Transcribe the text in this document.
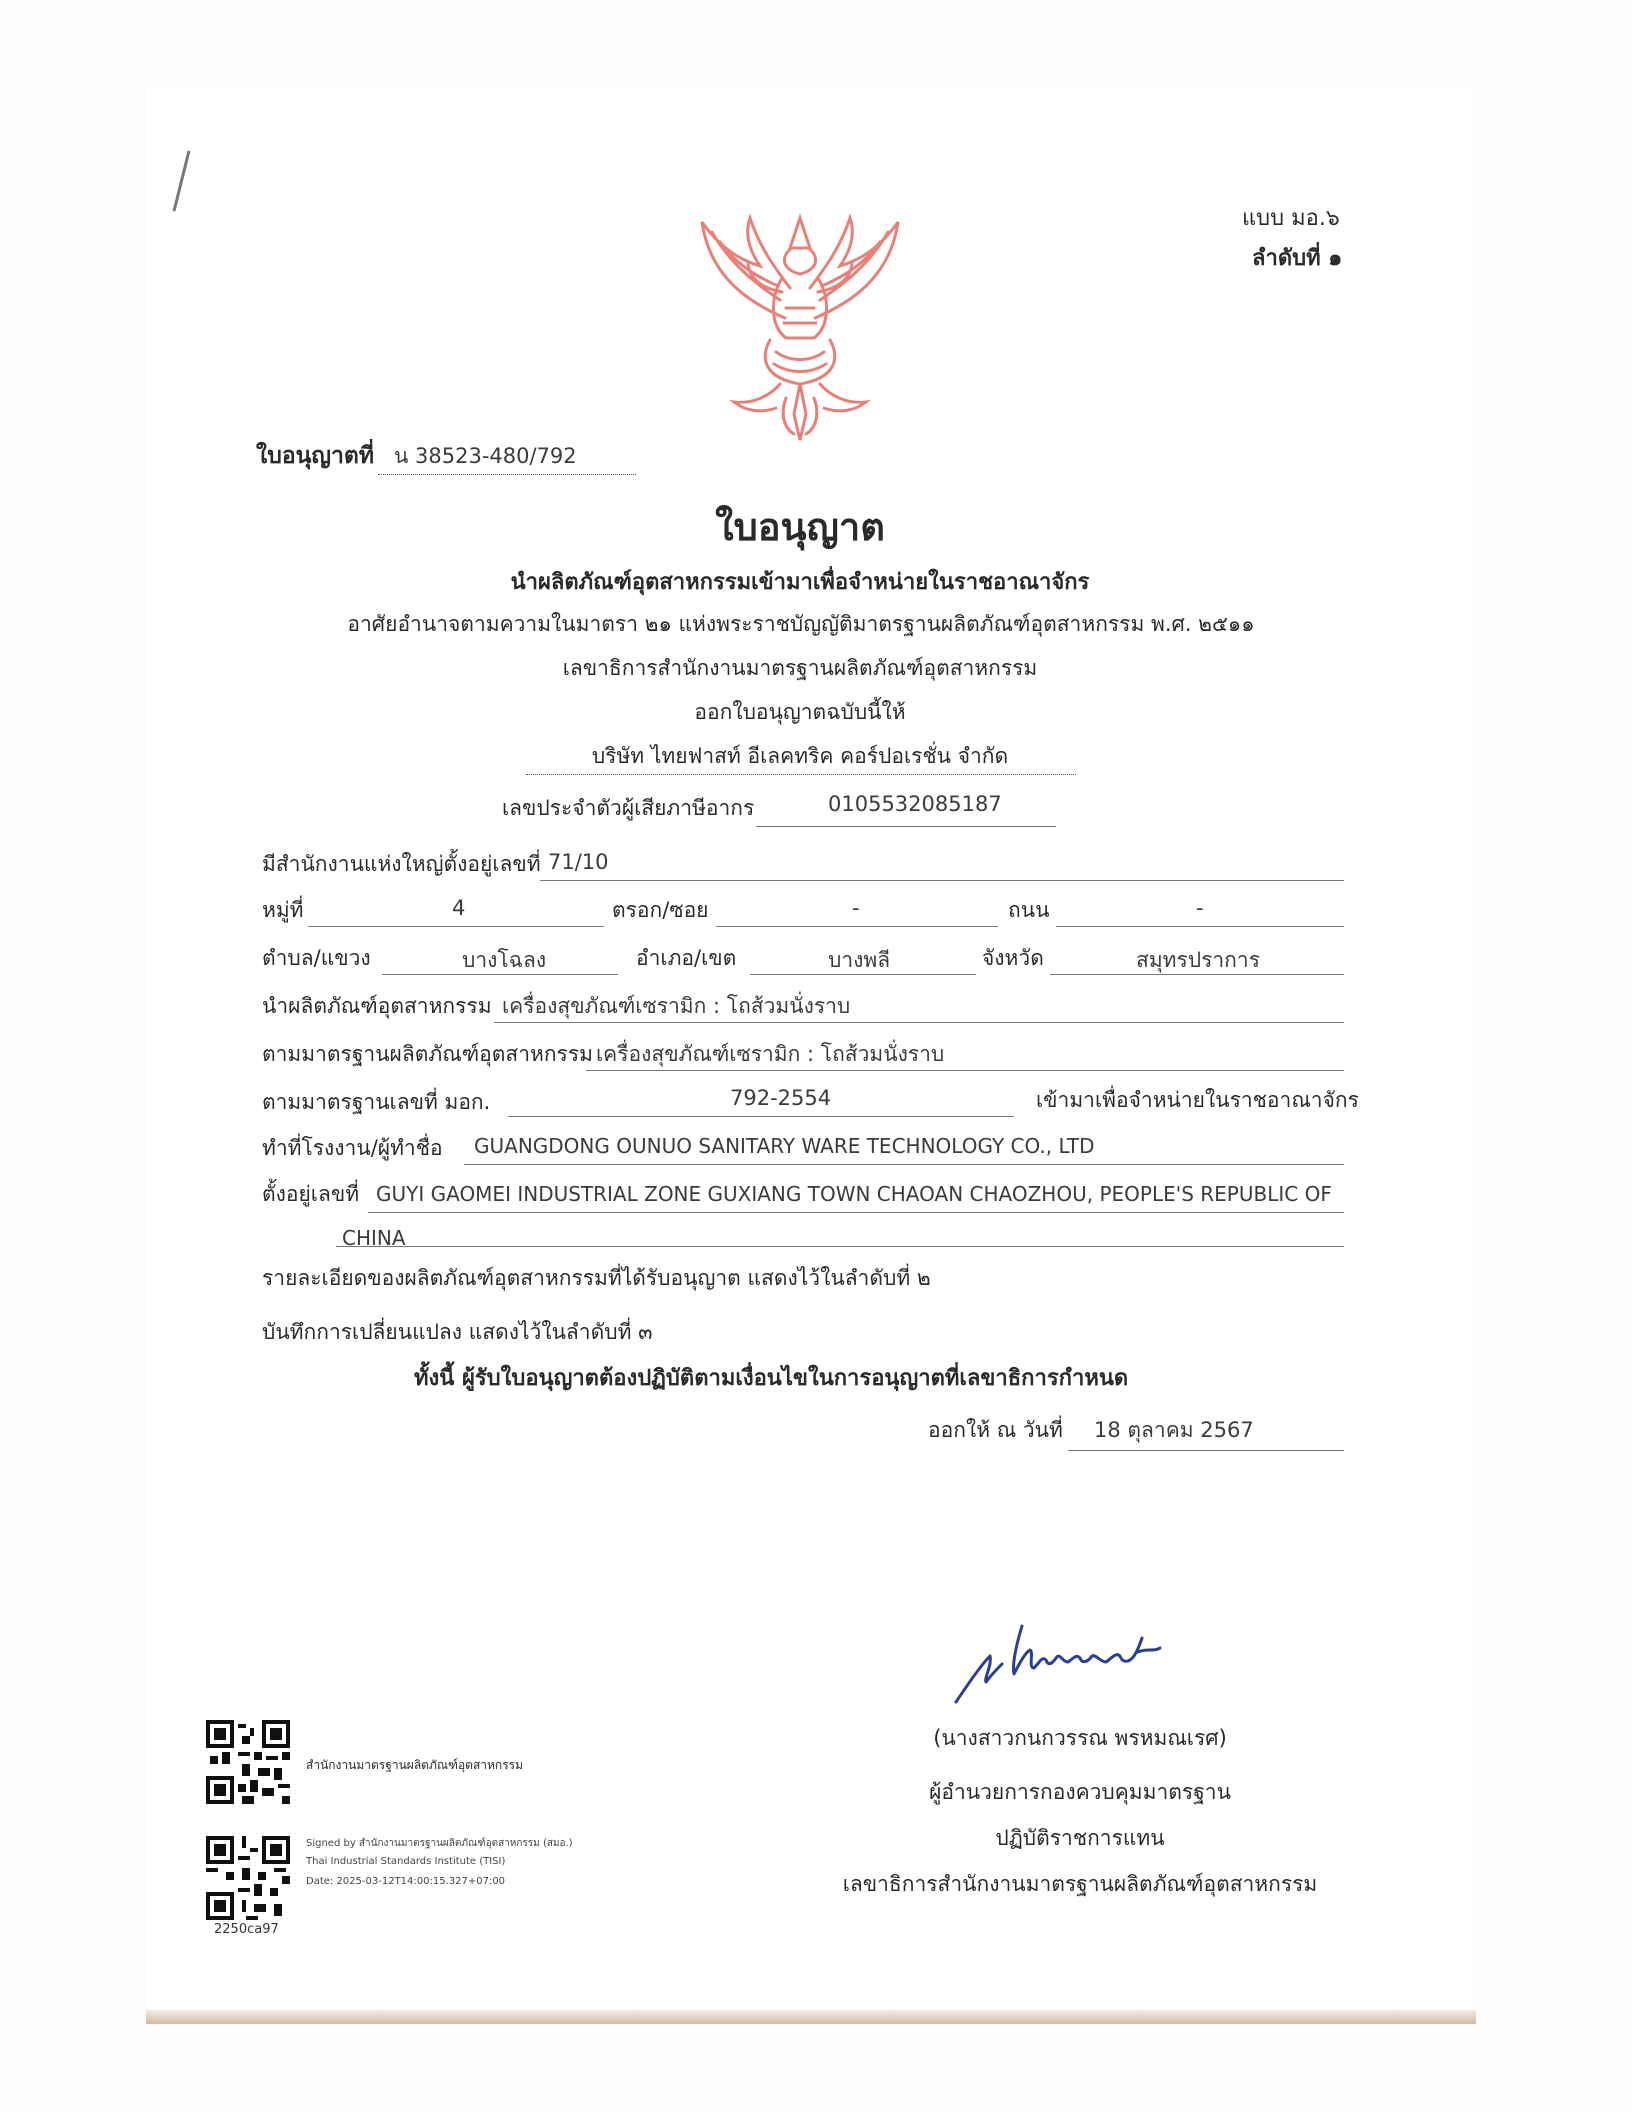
แบบ มอ.๖
ลำดับที่ ๑
ใบอนุญาตที่ น 38523-480/792
ใบอนุญาต
นำผลิตภัณฑ์อุตสาหกรรมเข้ามาเพื่อจำหน่ายในราชอาณาจักร
อาศัยอำนาจตามความในมาตรา ๒๑ แห่งพระราชบัญญัติมาตรฐานผลิตภัณฑ์อุตสาหกรรม พ.ศ. ๒๕๑๑
เลขาธิการสำนักงานมาตรฐานผลิตภัณฑ์อุตสาหกรรม
ออกใบอนุญาตฉบับนี้ให้
บริษัท ไทยฟาสท์ อีเลคทริค คอร์ปอเรชั่น จำกัด
เลขประจำตัวผู้เสียภาษีอากร	0105532085187
มีสำนักงานแห่งใหญ่ตั้งอยู่เลขที่ 71/10
หมู่ที่	4	ตรอก/ซอย	-	ถนน	-
ตำบล/แขวง	บางโฉลง	อำเภอ/เขต	บางพลี	จังหวัด	สมุทรปราการ
นำผลิตภัณฑ์อุตสาหกรรม เครื่องสุขภัณฑ์เซรามิก : โถส้วมนั่งราบ
ตามมาตรฐานผลิตภัณฑ์อุตสาหกรรม เครื่องสุขภัณฑ์เซรามิก : โถส้วมนั่งราบ
ตามมาตรฐานเลขที่ มอก.	792-2554	เข้ามาเพื่อจำหน่ายในราชอาณาจักร
ทำที่โรงงาน/ผู้ทำชื่อ GUANGDONG OUNUO SANITARY WARE TECHNOLOGY CO., LTD
ตั้งอยู่เลขที่ GUYI GAOMEI INDUSTRIAL ZONE GUXIANG TOWN CHAOAN CHAOZHOU, PEOPLE'S REPUBLIC OF
CHINA
รายละเอียดของผลิตภัณฑ์อุตสาหกรรมที่ได้รับอนุญาต แสดงไว้ในลำดับที่ ๒
บันทึกการเปลี่ยนแปลง แสดงไว้ในลำดับที่ ๓
ทั้งนี้ ผู้รับใบอนุญาตต้องปฏิบัติตามเงื่อนไขในการอนุญาตที่เลขาธิการกำหนด
ออกให้ ณ วันที่ 18 ตุลาคม 2567
(นางสาวกนกวรรณ พรหมณเรศ)
ผู้อำนวยการกองควบคุมมาตรฐาน
ปฏิบัติราชการแทน
เลขาธิการสำนักงานมาตรฐานผลิตภัณฑ์อุตสาหกรรม
สำนักงานมาตรฐานผลิตภัณฑ์อุตสาหกรรม
Signed by สำนักงานมาตรฐานผลิตภัณฑ์อุตสาหกรรม (สมอ.)
Thai Industrial Standards Institute (TISI)
Date: 2025-03-12T14:00:15.327+07:00
2250ca97
